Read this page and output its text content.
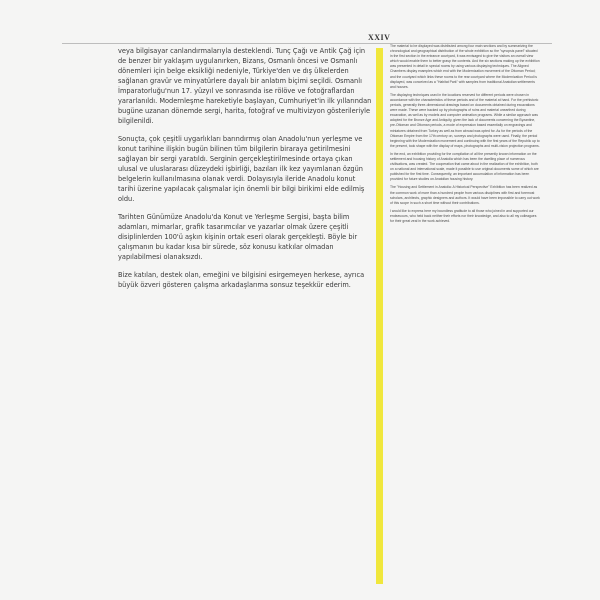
XXIV

veya bilgisayar canlandırmalarıyla desteklendi. Tunç Çağı ve Antik Çağ için de benzer bir yaklaşım uygulanırken, Bizans, Osmanlı öncesi ve Osmanlı dönemleri için belge eksikliği nedeniyle, Türkiye'den ve dış ülkelerden sağlanan gravür ve minyatürlere dayalı bir anlatım biçimi seçildi. Osmanlı İmparatorluğu'nun 17. yüzyıl ve sonrasında ise rölöve ve fotoğraflardan yararlanıldı. Modernleşme hareketiyle başlayan, Cumhuriyet'in ilk yıllarından bugüne uzanan dönemde sergi, harita, fotoğraf ve multivizyon gösterileriyle bilgilenildi.

Sonuçta, çok çeşitli uygarlıkları barındırmış olan Anadolu'nun yerleşme ve konut tarihine ilişkin bugün bilinen tüm bilgilerin biraraya getirilmesini sağlayan bir sergi yaratıldı. Serginin gerçekleştirilmesinde ortaya çıkan ulusal ve uluslararası düzeydeki işbirliği, bazıları ilk kez yayımlanan özgün belgelerin kullanılmasına olanak verdi. Dolayısıyla ileride Anadolu konut tarihi üzerine yapılacak çalışmalar için önemli bir bilgi birikimi elde edilmiş oldu.

Tarihten Günümüze Anadolu'da Konut ve Yerleşme Sergisi, başta bilim adamları, mimarlar, grafik tasarımcılar ve yazarlar olmak üzere çeşitli disiplinlerden 100'ü aşkın kişinin ortak eseri olarak gerçekleşti. Böyle bir çalışmanın bu kadar kısa bir sürede, söz konusu katkılar olmadan yapılabilmesi olanaksızdı.

Bize katılan, destek olan, emeğini ve bilgisini esirgemeyen herkese, ayrıca büyük özveri gösteren çalışma arkadaşlarıma sonsuz teşekkür ederim.

The material to be displayed was distributed among four main sections and by summarizing the chronological and geographical distribution of the whole exhibition so the "synopsis panel" situated in the first section in the entrance courtyard, it was envisaged to give the visitors an overall view which would enable them to better grasp the contents. And the six sections making up the exhibition was presented in detail in special rooms by using various displaying techniques. The Aligned Chambers display examples which end with the Modernization movement of the Ottoman Period; and the courtyard which links these rooms to the rear courtyard where the Modernization Period is displayed, was conceived as a "Habitat Park" with samples from traditional Anatolian settlements and houses.

The displaying techniques used in the locations reserved for different periods were chosen in accordance with the characteristics of these periods and of the material at hand. For the prehistoric periods, generally three-dimensional drawings based on documents obtained during excavations were made. These were backed up by photographs of ruins and material unearthed during excavation, as well as by models and computer animation programs. While a similar approach was adopted for the Bronze Age and Antiquity, given the lack of documents concerning the Byzantine, pre-Ottoman and Ottoman periods, a mode of expression based essentially on engravings and miniatures obtained from Turkey as well as from abroad was opted for. As for the periods of the Ottoman Empire from the 17th century on, surveys and photographs were used. Finally, the period beginning with the Modernization movement and continuing with the first years of the Republic up to the present, took shape with the display of maps, photographs and multi-vision projection programs.

In the end, an exhibition providing for the compilation of all the presently known information on the settlement and housing history of Anatolia which has been the dwelling place of numerous civilisations, was created. The cooperation that came about in the realization of the exhibition, both on a national and international scale, made it possible to use original documents some of which are published for the first time. Consequently, an important accumulation of information has been provided for future studies on Anatolian housing history.

The "Housing and Settlement in Anatolia: A Historical Perspective" Exhibition has been realized as the common work of more than a hundred people from various disciplines with first and foremost scholars, architects, graphic designers and authors. It would have been impossible to carry out work of this scope in such a short time without their contributions.

I would like to express here my boundless gratitude to all those who joined in and supported our endeavours, who held back neither their efforts nor their knowledge, and also to all my colleagues for their great zeal in the work achieved.
